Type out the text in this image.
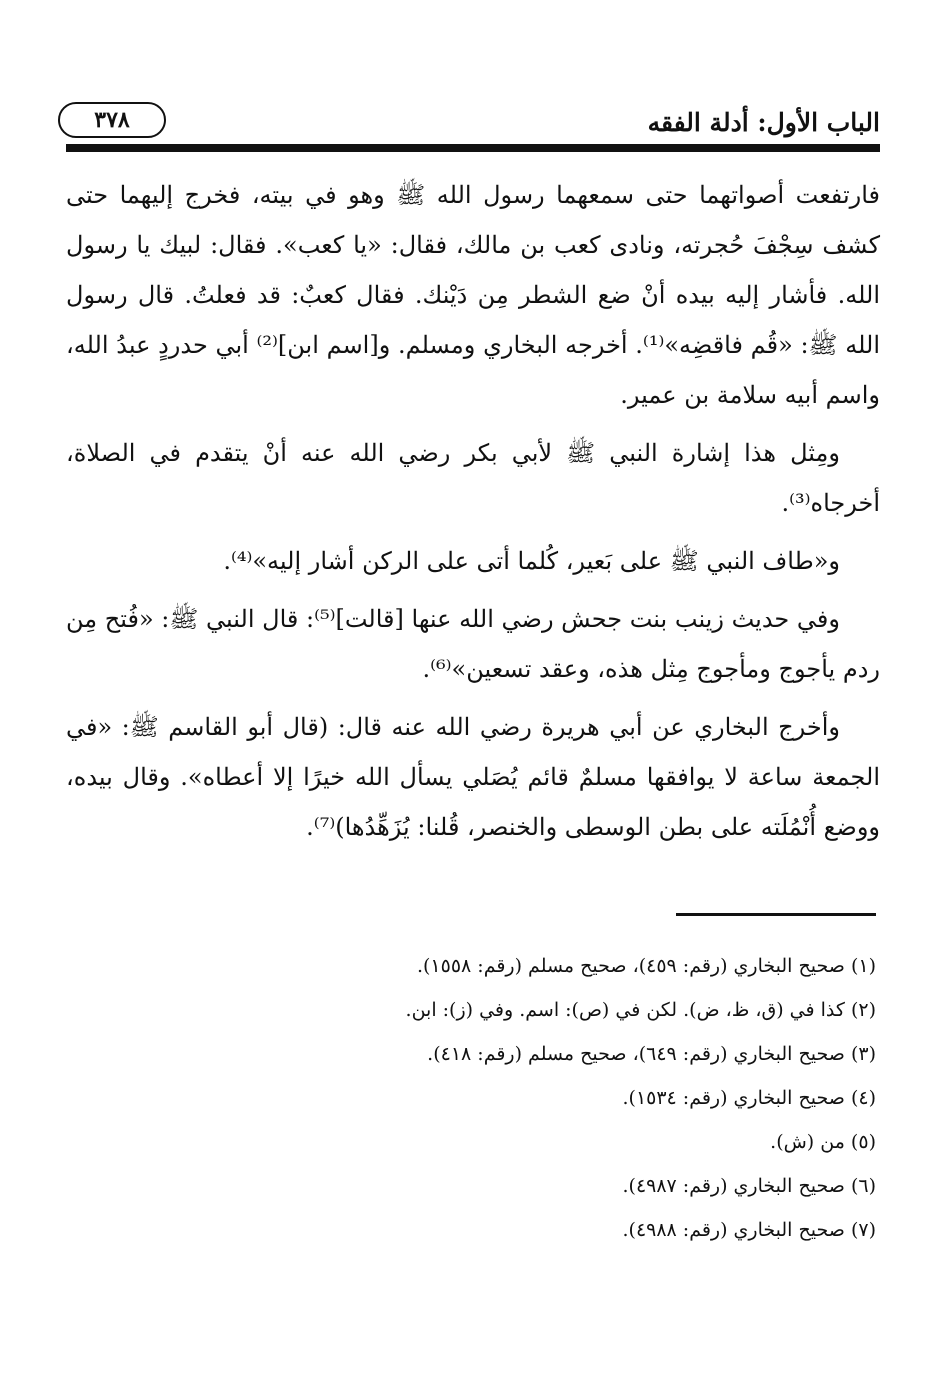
الباب الأول: أدلة الفقه
٣٧٨

فارتفعت أصواتهما حتى سمعهما رسول الله ﷺ وهو في بيته، فخرج إليهما حتى كشف سِجْفَ حُجرته، ونادى كعب بن مالك، فقال: «يا كعب». فقال: لبيك يا رسول الله. فأشار إليه بيده أنْ ضع الشطر مِن دَيْنك. فقال كعبٌ: قد فعلتُ. قال رسول الله ﷺ: «قُم فاقضِه»⁽¹⁾. أخرجه البخاري ومسلم. و[اسم ابن]⁽²⁾ أبي حدردٍ عبدُ الله، واسم أبيه سلامة بن عمير.

ومِثل هذا إشارة النبي ﷺ لأبي بكر رضي الله عنه أنْ يتقدم في الصلاة، أخرجاه⁽³⁾.

و«طاف النبي ﷺ على بَعير، كُلما أتى على الركن أشار إليه»⁽⁴⁾.

وفي حديث زينب بنت جحش رضي الله عنها [قالت]⁽⁵⁾: قال النبي ﷺ: «فُتح مِن ردم يأجوج ومأجوج مِثل هذه، وعقد تسعين»⁽⁶⁾.

وأخرج البخاري عن أبي هريرة رضي الله عنه قال: (قال أبو القاسم ﷺ: «في الجمعة ساعة لا يوافقها مسلمٌ قائم يُصَلي يسأل الله خيرًا إلا أعطاه». وقال بيده، ووضع أُنْمُلَته على بطن الوسطى والخنصر، قُلنا: يُزَهِّدُها)⁽⁷⁾.

(١) صحيح البخاري (رقم: ٤٥٩)، صحيح مسلم (رقم: ١٥٥٨).

(٢) كذا في (ق، ظ، ض). لكن في (ص): اسم. وفي (ز): ابن.

(٣) صحيح البخاري (رقم: ٦٤٩)، صحيح مسلم (رقم: ٤١٨).

(٤) صحيح البخاري (رقم: ١٥٣٤).

(٥) من (ش).

(٦) صحيح البخاري (رقم: ٤٩٨٧).

(٧) صحيح البخاري (رقم: ٤٩٨٨).
